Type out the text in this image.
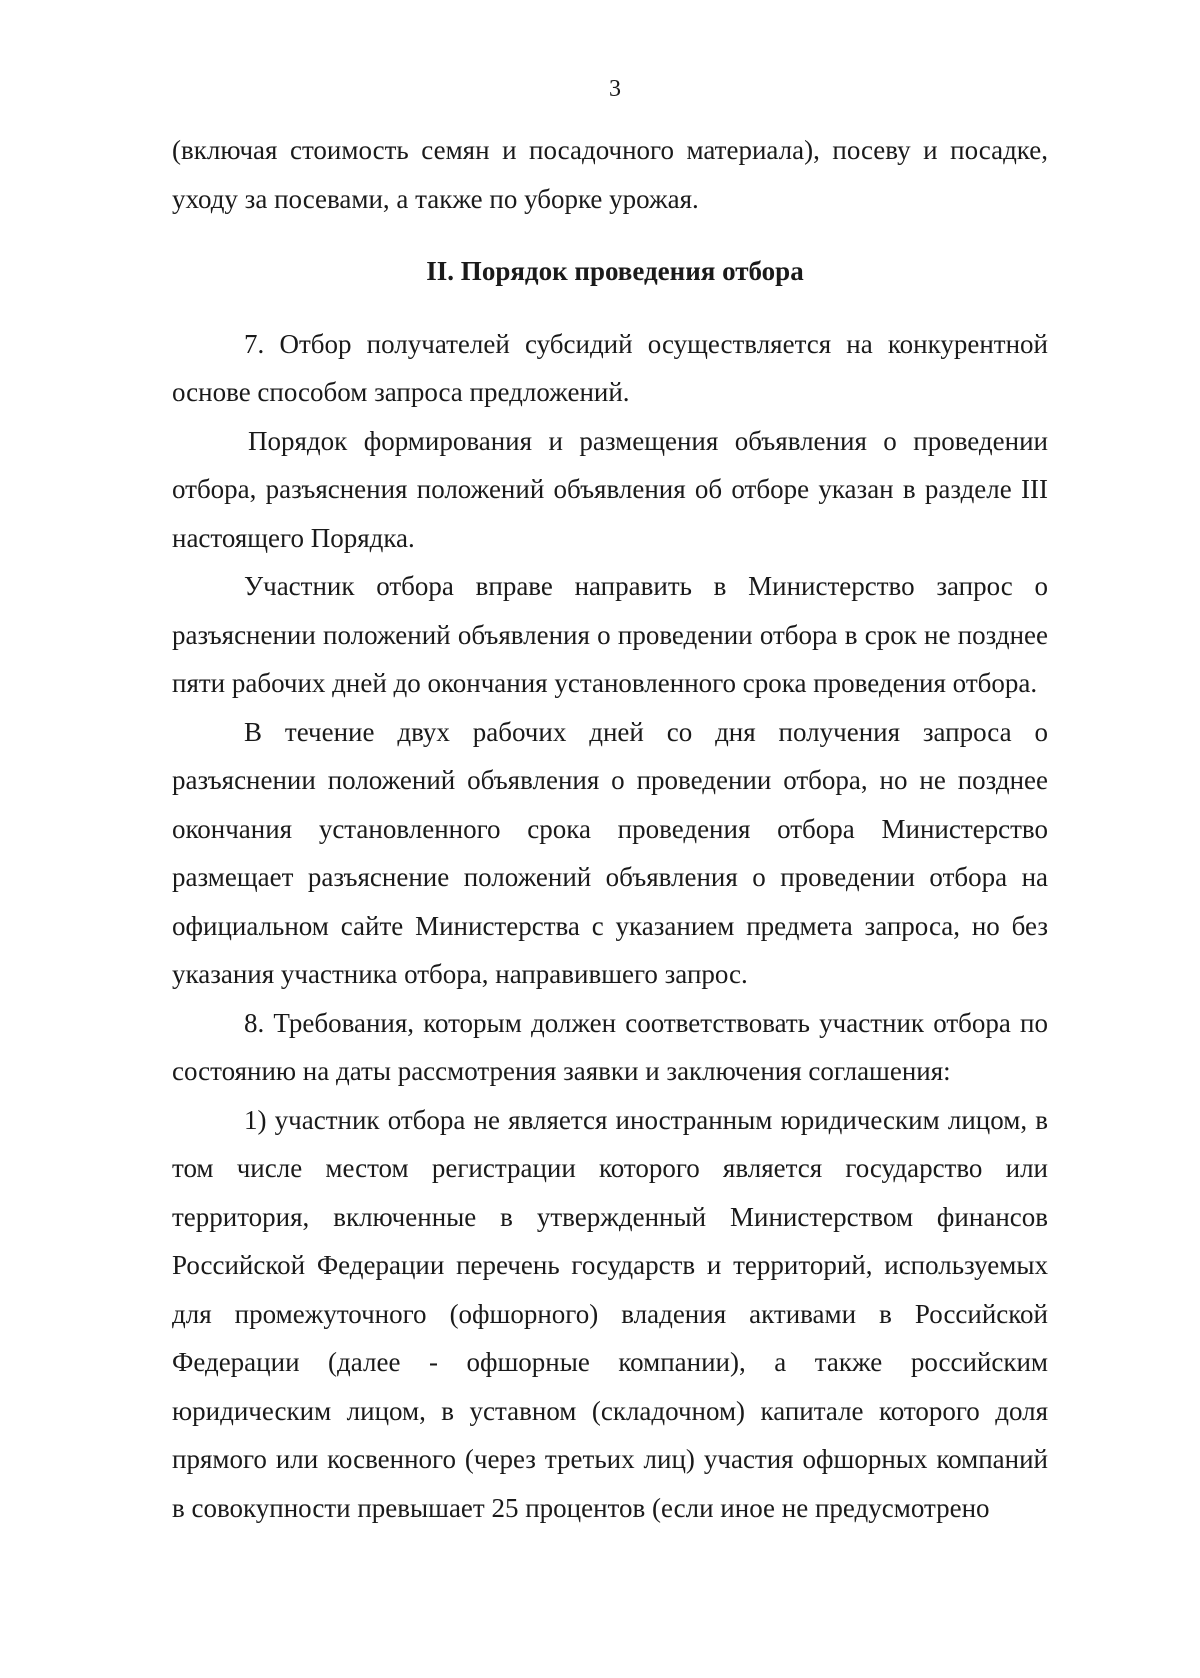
3

(включая стоимость семян и посадочного материала), посеву и посадке, уходу за посевами, а также по уборке урожая.

II. Порядок проведения отбора

7. Отбор получателей субсидий осуществляется на конкурентной основе способом запроса предложений.

Порядок формирования и размещения объявления о проведении отбора, разъяснения положений объявления об отборе указан в разделе III настоящего Порядка.

Участник отбора вправе направить в Министерство запрос о разъяснении положений объявления о проведении отбора в срок не позднее пяти рабочих дней до окончания установленного срока проведения отбора.

В течение двух рабочих дней со дня получения запроса о разъяснении положений объявления о проведении отбора, но не позднее окончания установленного срока проведения отбора Министерство размещает разъяснение положений объявления о проведении отбора на официальном сайте Министерства с указанием предмета запроса, но без указания участника отбора, направившего запрос.

8. Требования, которым должен соответствовать участник отбора по состоянию на даты рассмотрения заявки и заключения соглашения:

1) участник отбора не является иностранным юридическим лицом, в том числе местом регистрации которого является государство или территория, включенные в утвержденный Министерством финансов Российской Федерации перечень государств и территорий, используемых для промежуточного (офшорного) владения активами в Российской Федерации (далее - офшорные компании), а также российским юридическим лицом, в уставном (складочном) капитале которого доля прямого или косвенного (через третьих лиц) участия офшорных компаний в совокупности превышает 25 процентов (если иное не предусмотрено
